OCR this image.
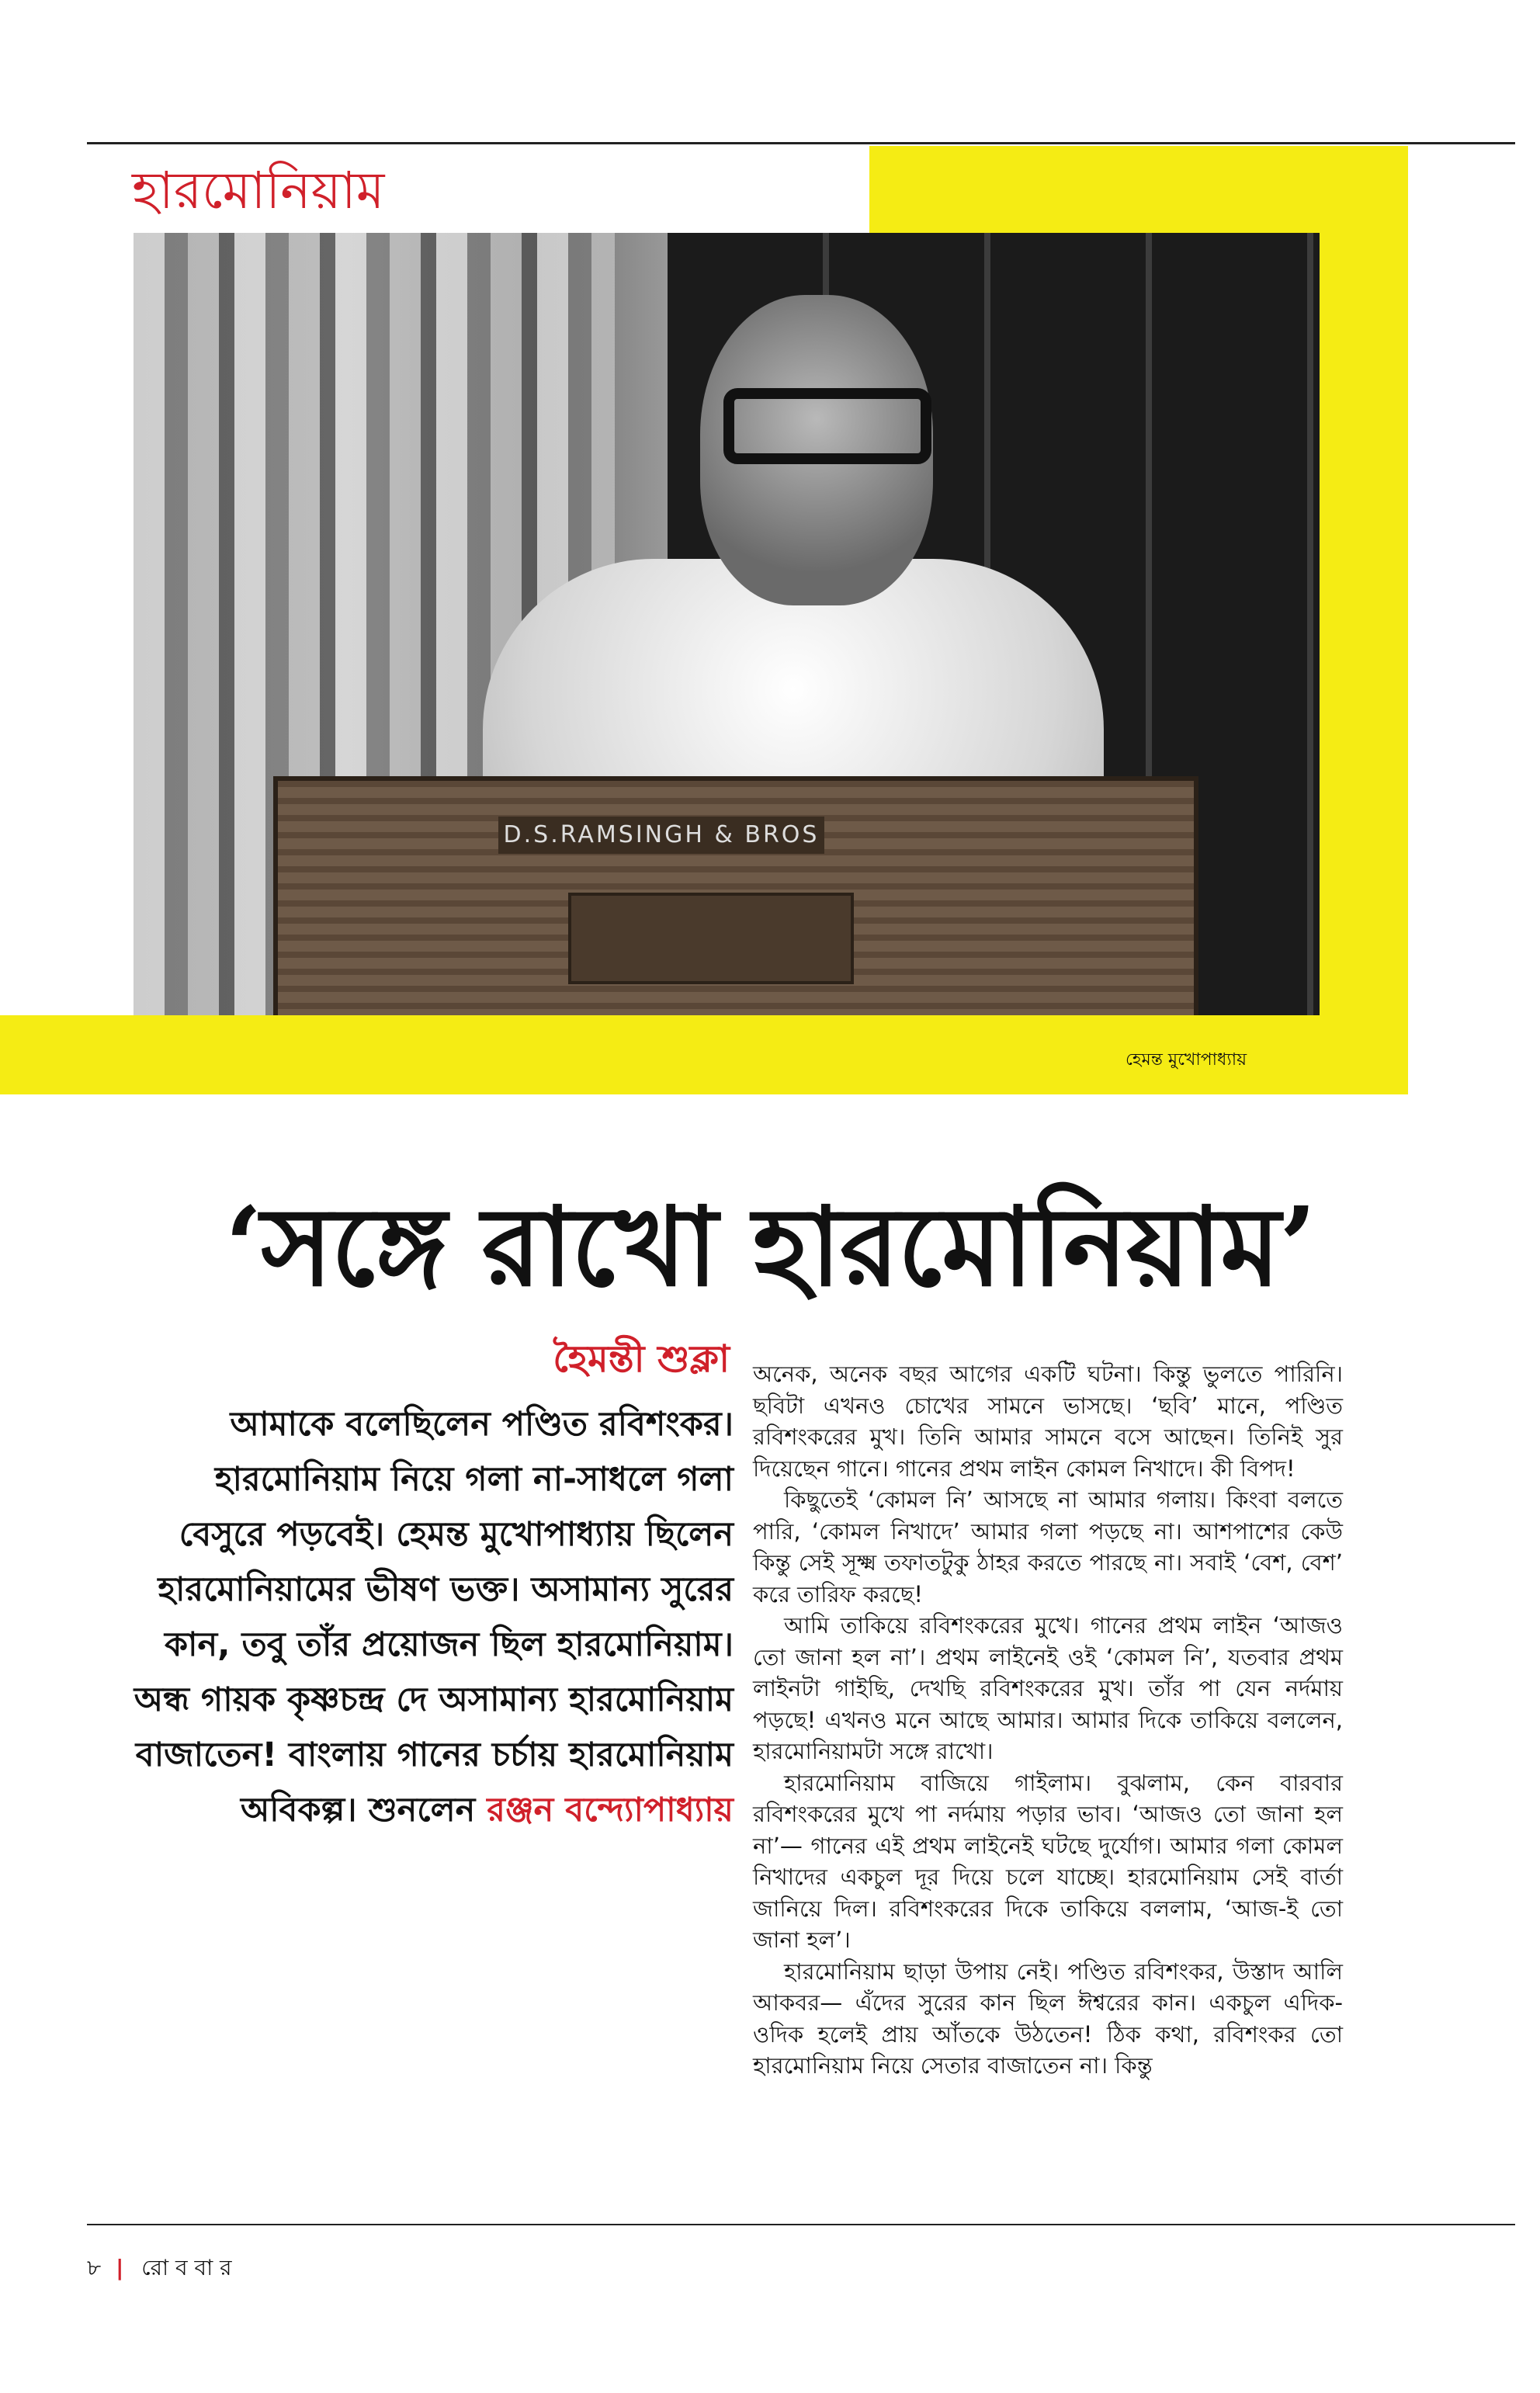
হারমোনিয়াম
D.S.RAMSINGH & BROS
হেমন্ত মুখোপাধ্যায়
‘সঙ্গে রাখো হারমোনিয়াম’
হৈমন্তী শুক্লা
আমাকে বলেছিলেন পণ্ডিত রবিশংকর। হারমোনিয়াম নিয়ে গলা না-সাধলে গলা বেসুরে পড়বেই। হেমন্ত মুখোপাধ্যায় ছিলেন হারমোনিয়ামের ভীষণ ভক্ত। অসামান্য সুরের কান, তবু তাঁর প্রয়োজন ছিল হারমোনিয়াম। অন্ধ গায়ক কৃষ্ণচন্দ্র দে অসামান্য হারমোনিয়াম বাজাতেন! বাংলায় গানের চর্চায় হারমোনিয়াম অবিকল্প। শুনলেন রঞ্জন বন্দ্যোপাধ্যায়

অনেক, অনেক বছর আগের একটি ঘটনা। কিন্তু ভুলতে পারিনি। ছবিটা এখনও চোখের সামনে ভাসছে। ‘ছবি’ মানে, পণ্ডিত রবিশংকরের মুখ। তিনি আমার সামনে বসে আছেন। তিনিই সুর দিয়েছেন গানে। গানের প্রথম লাইন কোমল নিখাদে। কী বিপদ!

কিছুতেই ‘কোমল নি’ আসছে না আমার গলায়। কিংবা বলতে পারি, ‘কোমল নিখাদে’ আমার গলা পড়ছে না। আশপাশের কেউ কিন্তু সেই সূক্ষ্ম তফাতটুকু ঠাহর করতে পারছে না। সবাই ‘বেশ, বেশ’ করে তারিফ করছে!

আমি তাকিয়ে রবিশংকরের মুখে। গানের প্রথম লাইন ‘আজও তো জানা হল না’। প্রথম লাইনেই ওই ‘কোমল নি’, যতবার প্রথম লাইনটা গাইছি, দেখছি রবিশংকরের মুখ। তাঁর পা যেন নর্দমায় পড়ছে! এখনও মনে আছে আমার। আমার দিকে তাকিয়ে বললেন, হারমোনিয়ামটা সঙ্গে রাখো।

হারমোনিয়াম বাজিয়ে গাইলাম। বুঝলাম, কেন বারবার রবিশংকরের মুখে পা নর্দমায় পড়ার ভাব। ‘আজও তো জানা হল না’— গানের এই প্রথম লাইনেই ঘটছে দুর্যোগ। আমার গলা কোমল নিখাদের একচুল দূর দিয়ে চলে যাচ্ছে। হারমোনিয়াম সেই বার্তা জানিয়ে দিল। রবিশংকরের দিকে তাকিয়ে বললাম, ‘আজ-ই তো জানা হল’।

হারমোনিয়াম ছাড়া উপায় নেই। পণ্ডিত রবিশংকর, উস্তাদ আলি আকবর— এঁদের সুরের কান ছিল ঈশ্বরের কান। একচুল এদিক-ওদিক হলেই প্রায় আঁতকে উঠতেন! ঠিক কথা, রবিশংকর তো হারমোনিয়াম নিয়ে সেতার বাজাতেন না। কিন্তু

৮ | রো ব বা র
